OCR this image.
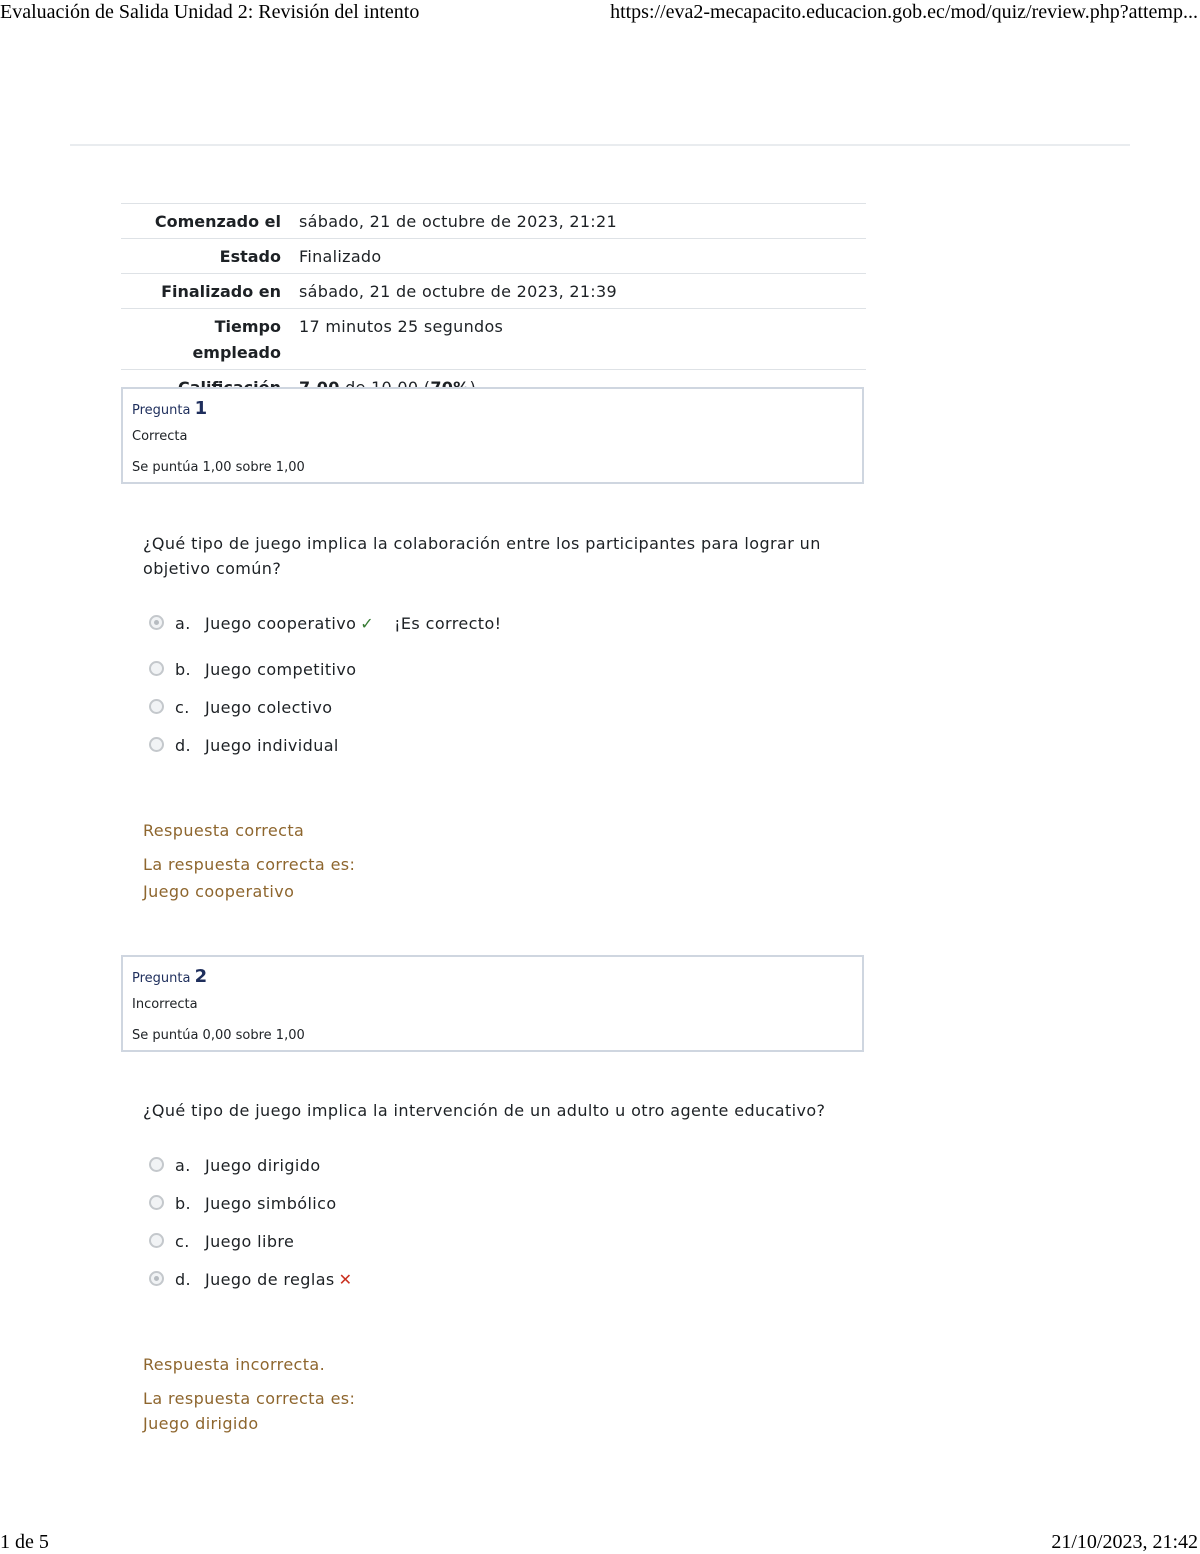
Evaluación de Salida Unidad 2: Revisión del intento	https://eva2-mecapacito.educacion.gob.ec/mod/quiz/review.php?attemp...
1 de 5	21/10/2023, 21:42
Comenzado el	sábado, 21 de octubre de 2023, 21:21
Estado	Finalizado
Finalizado en	sábado, 21 de octubre de 2023, 21:39
Tiempo
empleado	17 minutos 25 segundos

Pregunta 1
Correcta
Se puntúa 1,00 sobre 1,00
¿Qué tipo de juego implica la colaboración entre los participantes para lograr un
objetivo común?
a. Juego cooperativo ✓ ¡Es correcto!
b. Juego competitivo
c. Juego colectivo
d. Juego individual
Respuesta correcta
La respuesta correcta es:
Juego cooperativo
Pregunta 2
Incorrecta
Se puntúa 0,00 sobre 1,00
¿Qué tipo de juego implica la intervención de un adulto u otro agente educativo?
a. Juego dirigido
b. Juego simbólico
c. Juego libre
d. Juego de reglas ✕
Respuesta incorrecta.
La respuesta correcta es:
Juego dirigido
